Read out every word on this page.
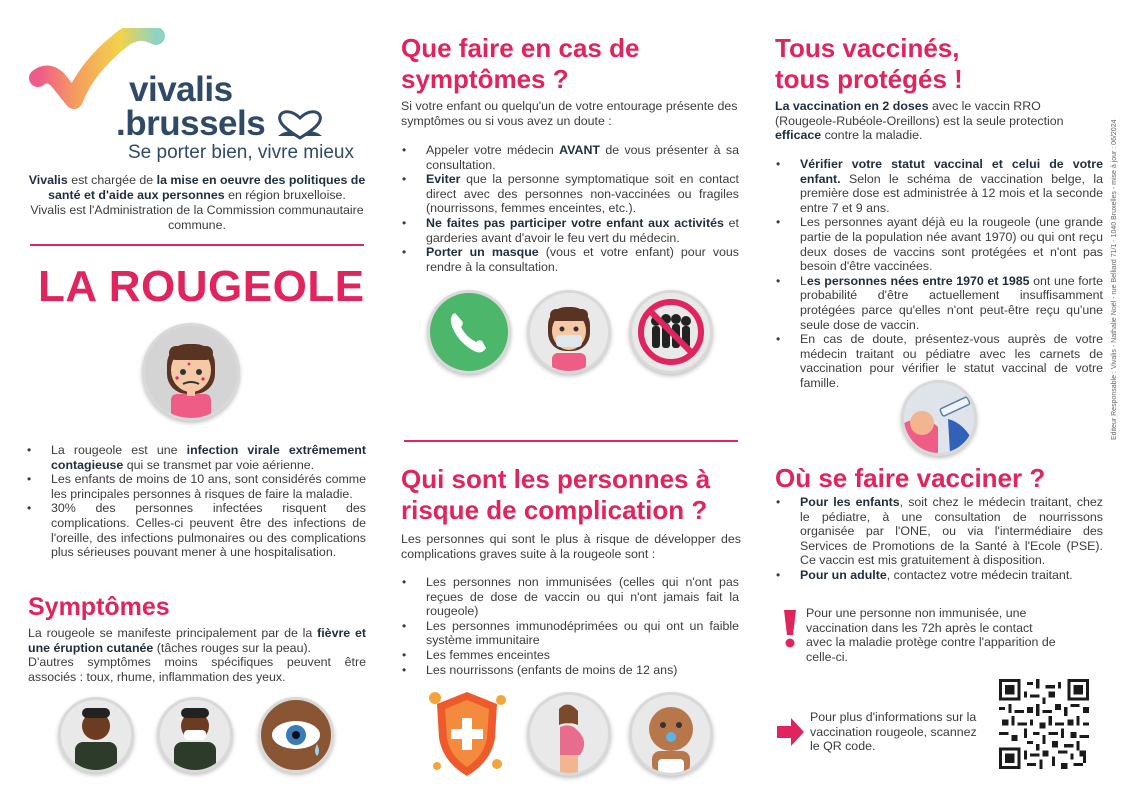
vivalis
.brussels
Se porter bien, vivre mieux
Vivalis est chargée de la mise en oeuvre des politiques de santé et d'aide aux personnes en région bruxelloise.
Vivalis est l'Administration de la Commission communautaire commune.
LA ROUGEOLE
• La rougeole est une infection virale extrêmement contagieuse qui se transmet par voie aérienne.
• Les enfants de moins de 10 ans, sont considérés comme les principales personnes à risques de faire la maladie.
• 30% des personnes infectées risquent des complications. Celles-ci peuvent être des infections de l'oreille, des infections pulmonaires ou des complications plus sérieuses pouvant mener à une hospitalisation.
Symptômes

La rougeole se manifeste principalement par de la fièvre et une éruption cutanée (tâches rouges sur la peau).
D'autres symptômes moins spécifiques peuvent être associés : toux, rhume, inflammation des yeux.

Que faire en cas de
symptômes ?

Si votre enfant ou quelqu'un de votre entourage présente des symptômes ou si vous avez un doute :

• Appeler votre médecin AVANT de vous présenter à sa consultation.
• Eviter que la personne symptomatique soit en contact direct avec des personnes non-vaccinées ou fragiles (nourrissons, femmes enceintes, etc.).
• Ne faites pas participer votre enfant aux activités et garderies avant d'avoir le feu vert du médecin.
• Porter un masque (vous et votre enfant) pour vous rendre à la consultation.
Qui sont les personnes à
risque de complication ?

Les personnes qui sont le plus à risque de développer des complications graves suite à la rougeole sont :

• Les personnes non immunisées (celles qui n'ont pas reçues de dose de vaccin ou qui n'ont jamais fait la rougeole)
• Les personnes immunodéprimées ou qui ont un faible système immunitaire
• Les femmes enceintes
• Les nourrissons (enfants de moins de 12 ans)
Tous vaccinés,
tous protégés !

La vaccination en 2 doses avec le vaccin RRO (Rougeole-Rubéole-Oreillons) est la seule protection efficace contre la maladie.

• Vérifier votre statut vaccinal et celui de votre enfant. Selon le schéma de vaccination belge, la première dose est administrée à 12 mois et la seconde entre 7 et 9 ans.
• Les personnes ayant déjà eu la rougeole (une grande partie de la population née avant 1970) ou qui ont reçu deux doses de vaccins sont protégées et n'ont pas besoin d'être vaccinées.
• Les personnes nées entre 1970 et 1985 ont une forte probabilité d'être actuellement insuffisamment protégées parce qu'elles n'ont peut-être reçu qu'une seule dose de vaccin.
• En cas de doute, présentez-vous auprès de votre médecin traitant ou pédiatre avec les carnets de vaccination pour vérifier le statut vaccinal de votre famille.
Où se faire vacciner ?
• Pour les enfants, soit chez le médecin traitant, chez le pédiatre, à une consultation de nourrissons organisée par l'ONE, ou via l'intermédiaire des Services de Promotions de la Santé à l'Ecole (PSE). Ce vaccin est mis gratuitement à disposition.
• Pour un adulte, contactez votre médecin traitant.

Pour une personne non immunisée, une vaccination dans les 72h après le contact avec la maladie protège contre l'apparition de celle-ci.

Pour plus d'informations sur la vaccination rougeole, scannez le QR code.

Editeur Responsable : Vivalis - Nathalie Noël - rue Belliard 71/1 - 1040 Bruxelles - mise à jour : 06/2024
